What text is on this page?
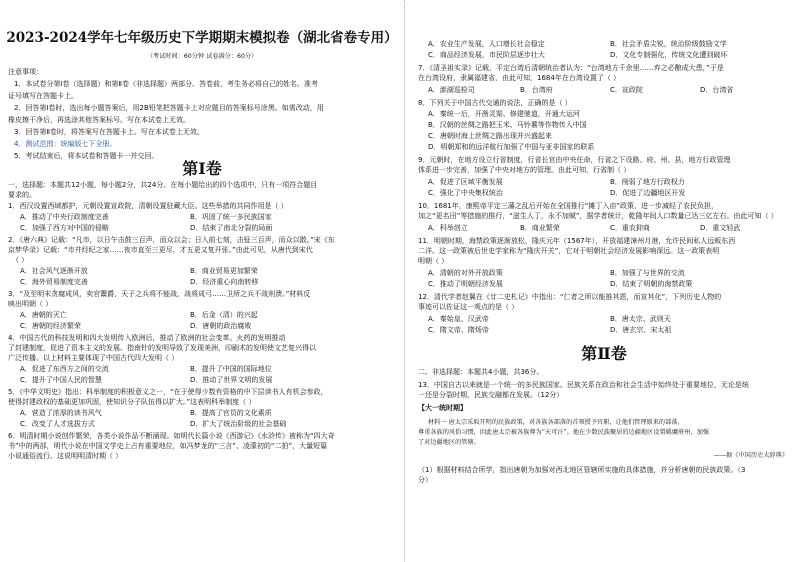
2023-2024学年七年级历史下学期期末模拟卷（湖北省卷专用）
（考试时间：60分钟 试卷满分：60分）
注意事项：
1．本试卷分第Ⅰ卷（选择题）和第Ⅱ卷（非选择题）两部分。答卷前，考生务必将自己的姓名、准考
证号填写在答题卡上。
2．回答第Ⅰ卷时，选出每小题答案后，用2B铅笔把答题卡上对应题目的答案标号涂黑。如需改动，用
橡皮擦干净后，再选涂其他答案标号。写在本试卷上无效。
3．回答第Ⅱ卷时，将答案写在答题卡上。写在本试卷上无效。
4．测试范围：统编版七下全册。
5．考试结束后，将本试卷和答题卡一并交回。
第Ⅰ卷
一、选择题：本题共12小题，每小题2分，共24分。在每小题给出的四个选项中，只有一项符合题目
要求的。
1．西汉设置西域都护，元朝设置宣政院，清朝设置驻藏大臣。这些举措的共同作用是（ ）
A．推动了中央行政制度完善	B．巩固了统一多民族国家
C．加强了西方对中国的侵略	D．结束了南北分裂的局面
2．《唐六典》记载：“凡市，以日午击鼓三百声，而众以会；日入前七刻，击钲三百声，而众以散。”宋《东
京梦华录》记载：“市井经纪之家……夜市直至三更尽，才五更又复开张。”由此可见，从唐代到宋代
（ ）
A．社会风气逐渐开放	B．商业贸易更加繁荣
C．海外贸易制度完善	D．经济重心向南转移
3．“及至明末贪腐成风，卖官鬻爵，天子之兵将不能战，战将成弓……卫所之兵不战则溃。”材料反
映出明朝（ ）
A．唐朝的灭亡	B．后金（清）的兴起
C．唐朝的经济繁荣	D．唐朝的政治腐败
4．中国古代的科技发明和四大发明传入欧洲后，推动了欧洲的社会变革。火药的发明推动
了封建制度，促进了资本主义的发展。指南针的发明导致了发现美洲，印刷术的发明使文艺复兴得以
广泛传播。以上材料主要体现了中国古代四大发明（ ）
A．促进了东西方之间的交流	B．提升了中国的国际地位
C．提升了中国人民的智慧	D．推动了世界文明的发展
5．《中华文明史》指出：科举制度的积极意义之一，“在于使得少数有资格的中下层读书人有机会参政，
使得封建政权的基础更加巩固，使知识分子队伍得以扩大。”这表明科举制度（ ）
A．营造了浓厚的读书风气	B．提高了官员的文化素质
C．改变了人才选拔方式	D．扩大了统治阶级的社会基础
6．明清时期小说创作繁荣，各类小说作品不断涌现。如明代长篇小说《西游记》《水浒传》被称为“四大奇
书”中的两部，明代小说在中国文学史上占有重要地位，如冯梦龙的“三言”、凌濛初的“二拍”，大量短篇
小说通俗流行。这说明明清时期（ ）
A．农业生产发展，人口增长社会稳定	B．社会矛盾尖锐，统治阶级鼓励文学
C．商品经济发展，市民阶层逐步壮大	D．文化专制强化，传统文化遭到破坏
7．《清圣祖实录》记载，平定台湾后清朝统治者认为：“台湾地方千余里……弃之必酿成大患，”于是
在台湾设府，隶属福建省，由此可知，1684年在台湾设置了（ ）
A．澎湖巡检司	B．台湾府	C．宣政院	D．台湾省
8．下列关于中国古代交通的说法，正确的是（ ）
A．秦统一后，开凿灵渠、修建驰道，开通大运河
B．汉朝的丝绸之路把玉米、马铃薯等作物传入中国
C．唐朝时海上丝绸之路出现并兴盛起来
D．明朝郑和的远洋航行加强了中国与亚非国家的联系
9．元朝时，在地方设立行省制度，行省长官由中央任命，行省之下设路、府、州、县，地方行政管理
体系进一步完善，加强了中央对地方的管理。由此可知，行省制（ ）
A．促进了区域平衡发展	B．削弱了地方行政权力
C．强化了中央集权统治	D．促进了边疆地区开发
10．1681年，康熙帝平定三藩之乱后开始在全国推行“摊丁入亩”政策，进一步减轻了农民负担，
加之“更名田”等措施的推行，“滋生人丁，永不加赋”，据学者统计，乾隆年间人口数量已达三亿左右。由此可知（ ）
A．科举创立	B．商业繁荣	C．重农抑商	D．重文轻武
11．明朝时期，海禁政策逐渐放松，隆庆元年（1567年），开放福建漳州月港，允许民间私人远贩东西
二洋。这一政策被后世史学家称为“隆庆开关”，它对于明朝社会经济发展影响深远。这一政策表明
明朝（ ）
A．清朝的对外开放政策	B．加强了与世界的交流
C．推动了明朝经济发展	D．结束了明朝的海禁政策
12．清代学者赵翼在《廿二史札记》中指出：“仁者之所以能推其恩，而宣其化”，下列历史人物的
事迹可以佐证这一观点的是（ ）
A．秦始皇、汉武帝	B．唐太宗、武则天
C．隋文帝、隋炀帝	D．唐玄宗、宋太祖
第Ⅱ卷
二、非选择题：本题共4小题，共36分。
13．中国自古以来就是一个统一的多民族国家。民族关系在政治和社会生活中始终处于重要地位，无论是统
一还是分裂时期，民族交融都在发展。（12分）
【大一统时期】
材料一 唐太宗采取开明的民族政策，对各族各部落的首领授予官职，让他们管理原来的部落，
尊重各族的风俗习惯，因此唐太宗被各族尊为“天可汗”。他在少数民族聚居的边疆地区设置羁縻府州，加强
了对边疆地区的管辖。
——据《中国历史大辞典》
（1）根据材料结合所学，指出唐朝为加强对西北地区管辖所实施的具体措施，并分析唐朝的民族政策。（3
分）
